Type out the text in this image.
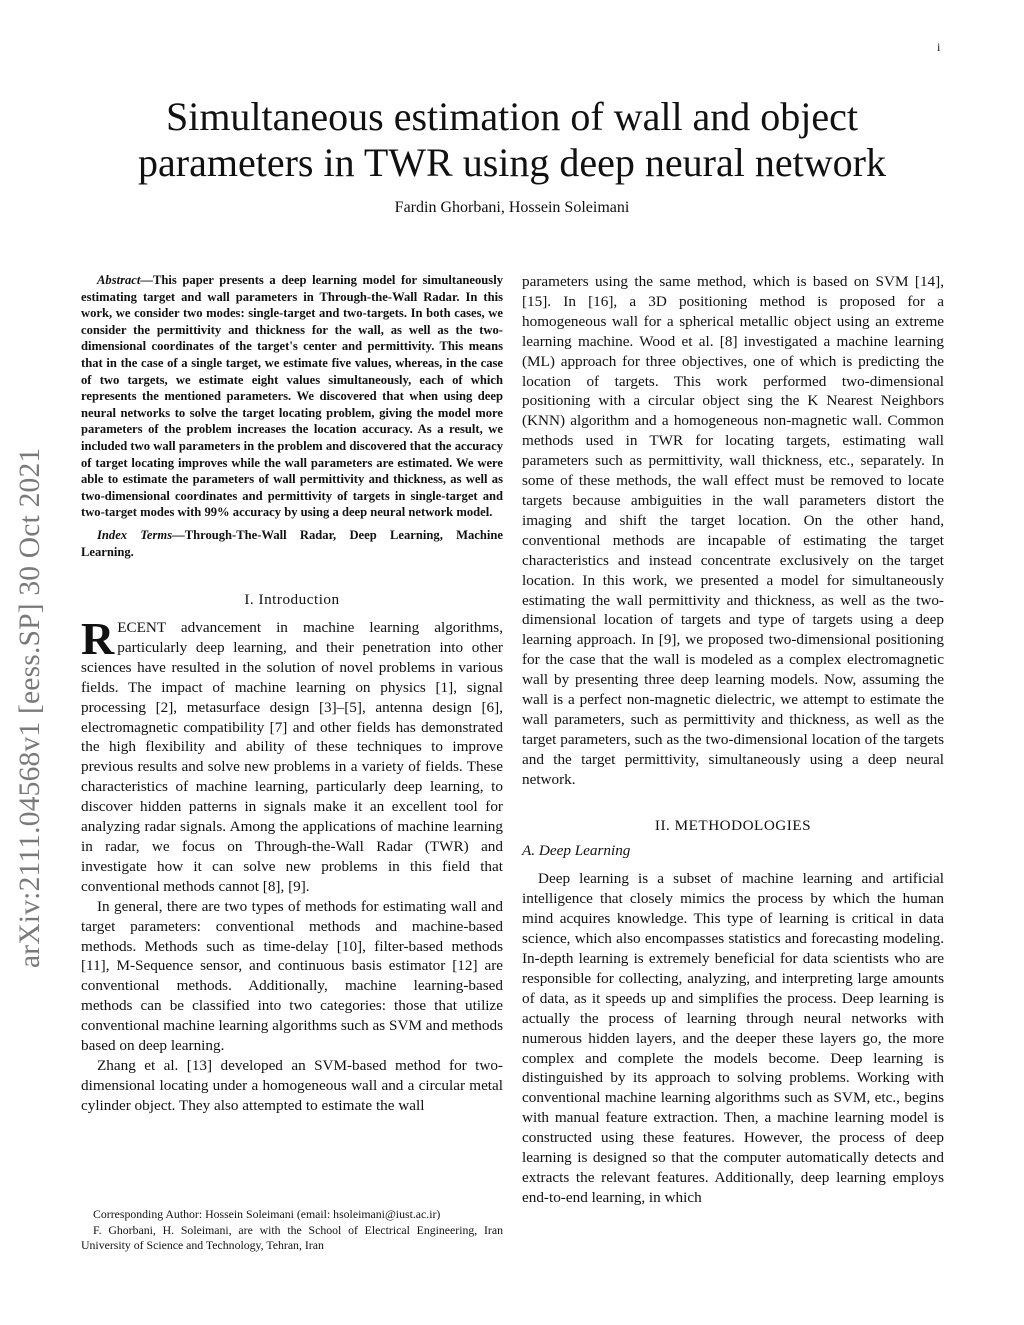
i
arXiv:2111.04568v1 [eess.SP] 30 Oct 2021
Simultaneous estimation of wall and object
parameters in TWR using deep neural network
Fardin Ghorbani, Hossein Soleimani

Abstract—This paper presents a deep learning model for simultaneously estimating target and wall parameters in Through-the-Wall Radar. In this work, we consider two modes: single-target and two-targets. In both cases, we consider the permittivity and thickness for the wall, as well as the two-dimensional coordinates of the target's center and permittivity. This means that in the case of a single target, we estimate five values, whereas, in the case of two targets, we estimate eight values simultaneously, each of which represents the mentioned parameters. We discovered that when using deep neural networks to solve the target locating problem, giving the model more parameters of the problem increases the location accuracy. As a result, we included two wall parameters in the problem and discovered that the accuracy of target locating improves while the wall parameters are estimated. We were able to estimate the parameters of wall permittivity and thickness, as well as two-dimensional coordinates and permittivity of targets in single-target and two-target modes with 99% accuracy by using a deep neural network model.

Index Terms—Through-The-Wall Radar, Deep Learning, Machine Learning.

I. Introduction

RECENT advancement in machine learning algorithms, particularly deep learning, and their penetration into other sciences have resulted in the solution of novel problems in various fields. The impact of machine learning on physics [1], signal processing [2], metasurface design [3]–[5], antenna design [6], electromagnetic compatibility [7] and other fields has demonstrated the high flexibility and ability of these techniques to improve previous results and solve new problems in a variety of fields. These characteristics of machine learning, particularly deep learning, to discover hidden patterns in signals make it an excellent tool for analyzing radar signals. Among the applications of machine learning in radar, we focus on Through-the-Wall Radar (TWR) and investigate how it can solve new problems in this field that conventional methods cannot [8], [9].

In general, there are two types of methods for estimating wall and target parameters: conventional methods and machine-based methods. Methods such as time-delay [10], filter-based methods [11], M-Sequence sensor, and continuous basis estimator [12] are conventional methods. Additionally, machine learning-based methods can be classified into two categories: those that utilize conventional machine learning algorithms such as SVM and methods based on deep learning.

Zhang et al. [13] developed an SVM-based method for two-dimensional locating under a homogeneous wall and a circular metal cylinder object. They also attempted to estimate the wall

parameters using the same method, which is based on SVM [14], [15]. In [16], a 3D positioning method is proposed for a homogeneous wall for a spherical metallic object using an extreme learning machine. Wood et al. [8] investigated a machine learning (ML) approach for three objectives, one of which is predicting the location of targets. This work performed two-dimensional positioning with a circular object sing the K Nearest Neighbors (KNN) algorithm and a homogeneous non-magnetic wall. Common methods used in TWR for locating targets, estimating wall parameters such as permittivity, wall thickness, etc., separately. In some of these methods, the wall effect must be removed to locate targets because ambiguities in the wall parameters distort the imaging and shift the target location. On the other hand, conventional methods are incapable of estimating the target characteristics and instead concentrate exclusively on the target location. In this work, we presented a model for simultaneously estimating the wall permittivity and thickness, as well as the two-dimensional location of targets and type of targets using a deep learning approach. In [9], we proposed two-dimensional positioning for the case that the wall is modeled as a complex electromagnetic wall by presenting three deep learning models. Now, assuming the wall is a perfect non-magnetic dielectric, we attempt to estimate the wall parameters, such as permittivity and thickness, as well as the target parameters, such as the two-dimensional location of the targets and the target permittivity, simultaneously using a deep neural network.

II. METHODOLOGIES
A. Deep Learning

Deep learning is a subset of machine learning and artificial intelligence that closely mimics the process by which the human mind acquires knowledge. This type of learning is critical in data science, which also encompasses statistics and forecasting modeling. In-depth learning is extremely beneficial for data scientists who are responsible for collecting, analyzing, and interpreting large amounts of data, as it speeds up and simplifies the process. Deep learning is actually the process of learning through neural networks with numerous hidden layers, and the deeper these layers go, the more complex and complete the models become. Deep learning is distinguished by its approach to solving problems. Working with conventional machine learning algorithms such as SVM, etc., begins with manual feature extraction. Then, a machine learning model is constructed using these features. However, the process of deep learning is designed so that the computer automatically detects and extracts the relevant features. Additionally, deep learning employs end-to-end learning, in which

Corresponding Author: Hossein Soleimani (email: hsoleimani@iust.ac.ir)

F. Ghorbani, H. Soleimani, are with the School of Electrical Engineering, Iran University of Science and Technology, Tehran, Iran
